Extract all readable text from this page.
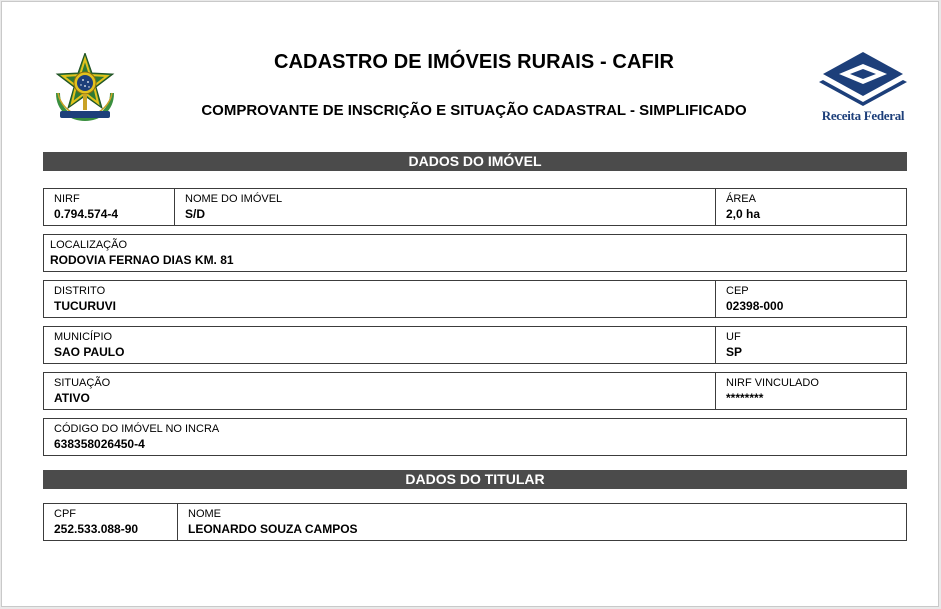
CADASTRO DE IMÓVEIS RURAIS - CAFIR
COMPROVANTE DE INSCRIÇÃO E SITUAÇÃO CADASTRAL - SIMPLIFICADO	Receita Federal
DADOS DO IMÓVEL
NIRF
0.794.574-4
NOME DO IMÓVEL
S/D
ÁREA
2,0 ha
LOCALIZAÇÃO
RODOVIA FERNAO DIAS KM. 81
DISTRITO
TUCURUVI
CEP
02398-000
MUNICÍPIO
SAO PAULO
UF
SP
SITUAÇÃO
ATIVO
NIRF VINCULADO
********
CÓDIGO DO IMÓVEL NO INCRA
638358026450-4
DADOS DO TITULAR
CPF
252.533.088-90
NOME
LEONARDO SOUZA CAMPOS
